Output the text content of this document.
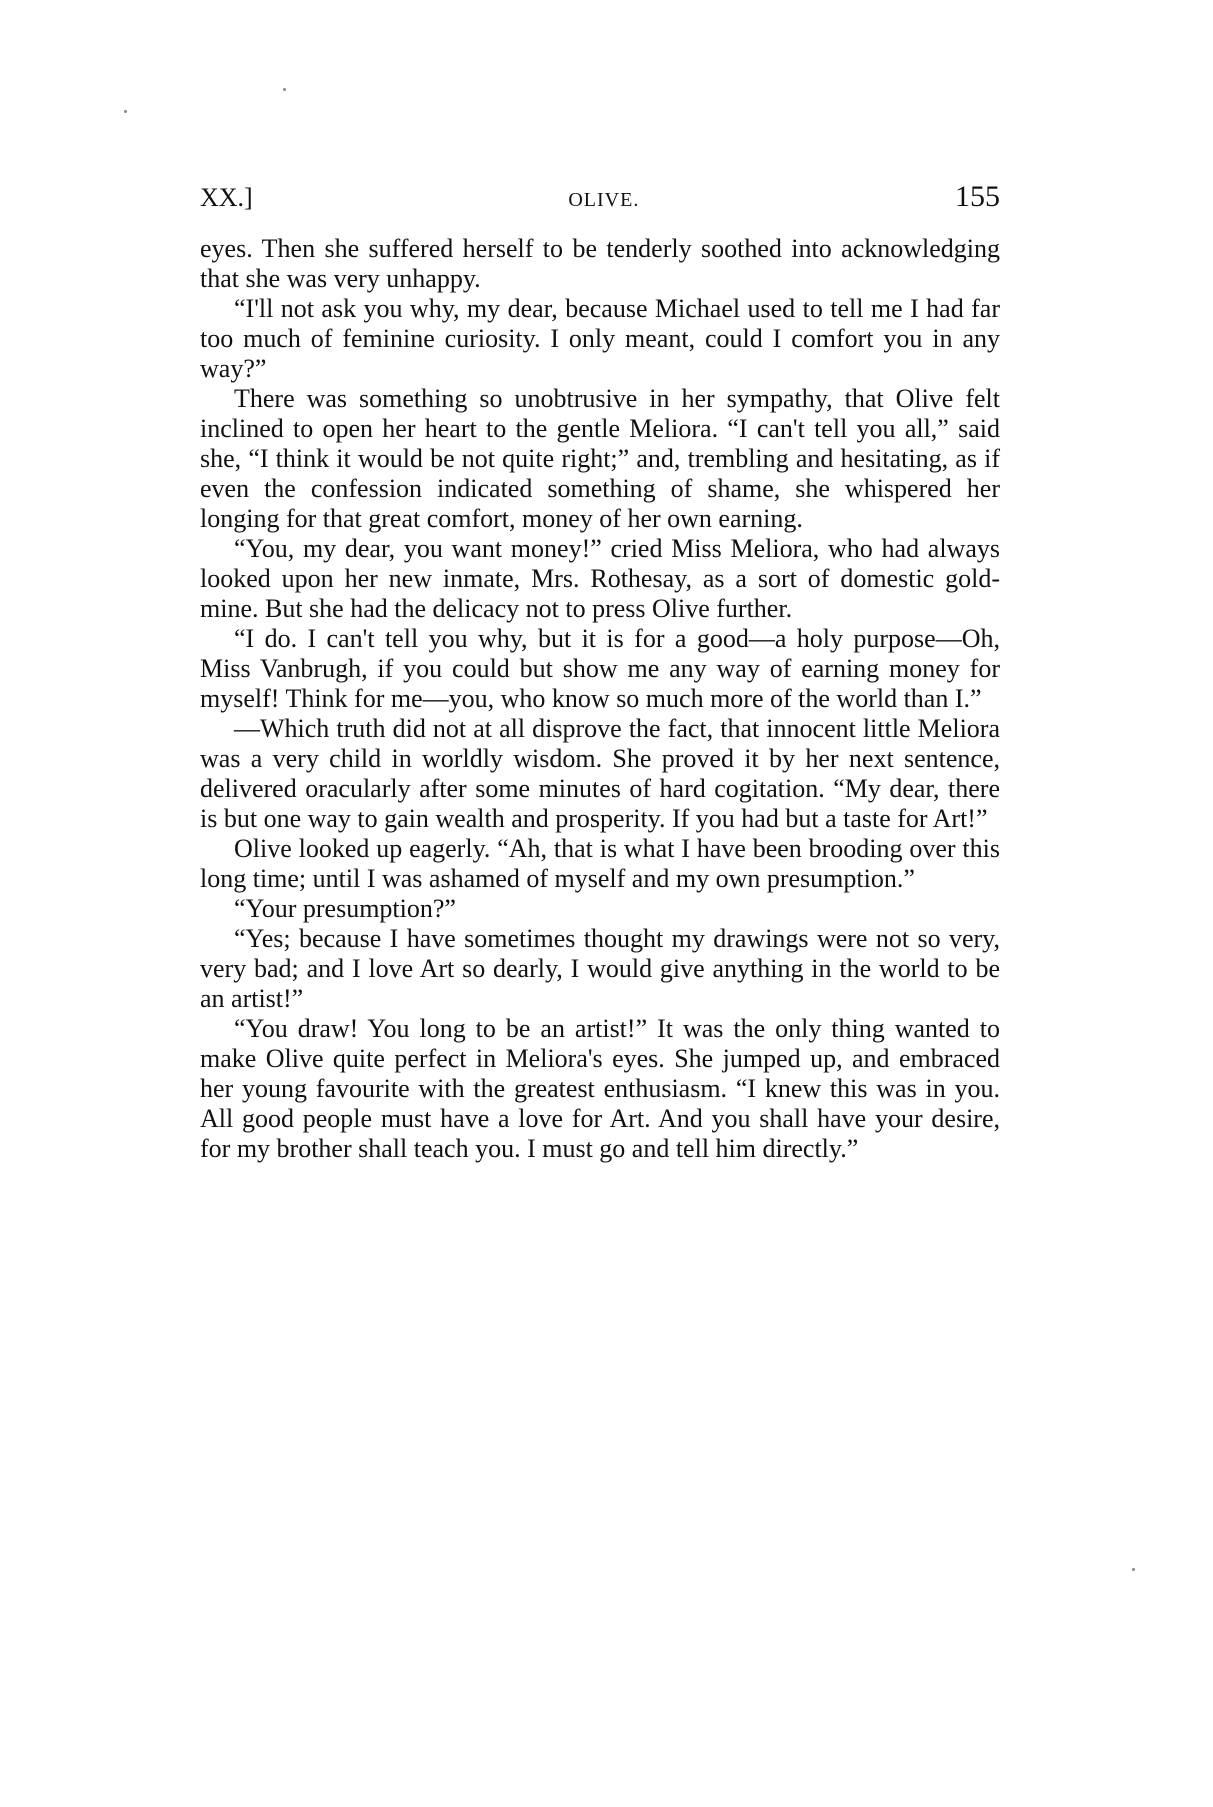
XX.]	OLIVE.	155

eyes. Then she suffered herself to be tenderly soothed into acknowledging that she was very unhappy.

“I'll not ask you why, my dear, because Michael used to tell me I had far too much of feminine curiosity. I only meant, could I comfort you in any way?”

There was something so unobtrusive in her sympathy, that Olive felt inclined to open her heart to the gentle Meliora. “I can't tell you all,” said she, “I think it would be not quite right;” and, trembling and hesitating, as if even the confession indicated something of shame, she whispered her longing for that great comfort, money of her own earning.

“You, my dear, you want money!” cried Miss Meliora, who had always looked upon her new inmate, Mrs. Rothesay, as a sort of domestic gold-mine. But she had the delicacy not to press Olive further.

“I do. I can't tell you why, but it is for a good—a holy purpose—Oh, Miss Vanbrugh, if you could but show me any way of earning money for myself! Think for me—you, who know so much more of the world than I.”

—Which truth did not at all disprove the fact, that innocent little Meliora was a very child in worldly wisdom. She proved it by her next sentence, delivered oracularly after some minutes of hard cogitation. “My dear, there is but one way to gain wealth and prosperity. If you had but a taste for Art!”

Olive looked up eagerly. “Ah, that is what I have been brooding over this long time; until I was ashamed of myself and my own presumption.”

“Your presumption?”

“Yes; because I have sometimes thought my drawings were not so very, very bad; and I love Art so dearly, I would give anything in the world to be an artist!”

“You draw! You long to be an artist!” It was the only thing wanted to make Olive quite perfect in Meliora's eyes. She jumped up, and embraced her young favourite with the greatest enthusiasm. “I knew this was in you. All good people must have a love for Art. And you shall have your desire, for my brother shall teach you. I must go and tell him directly.”
